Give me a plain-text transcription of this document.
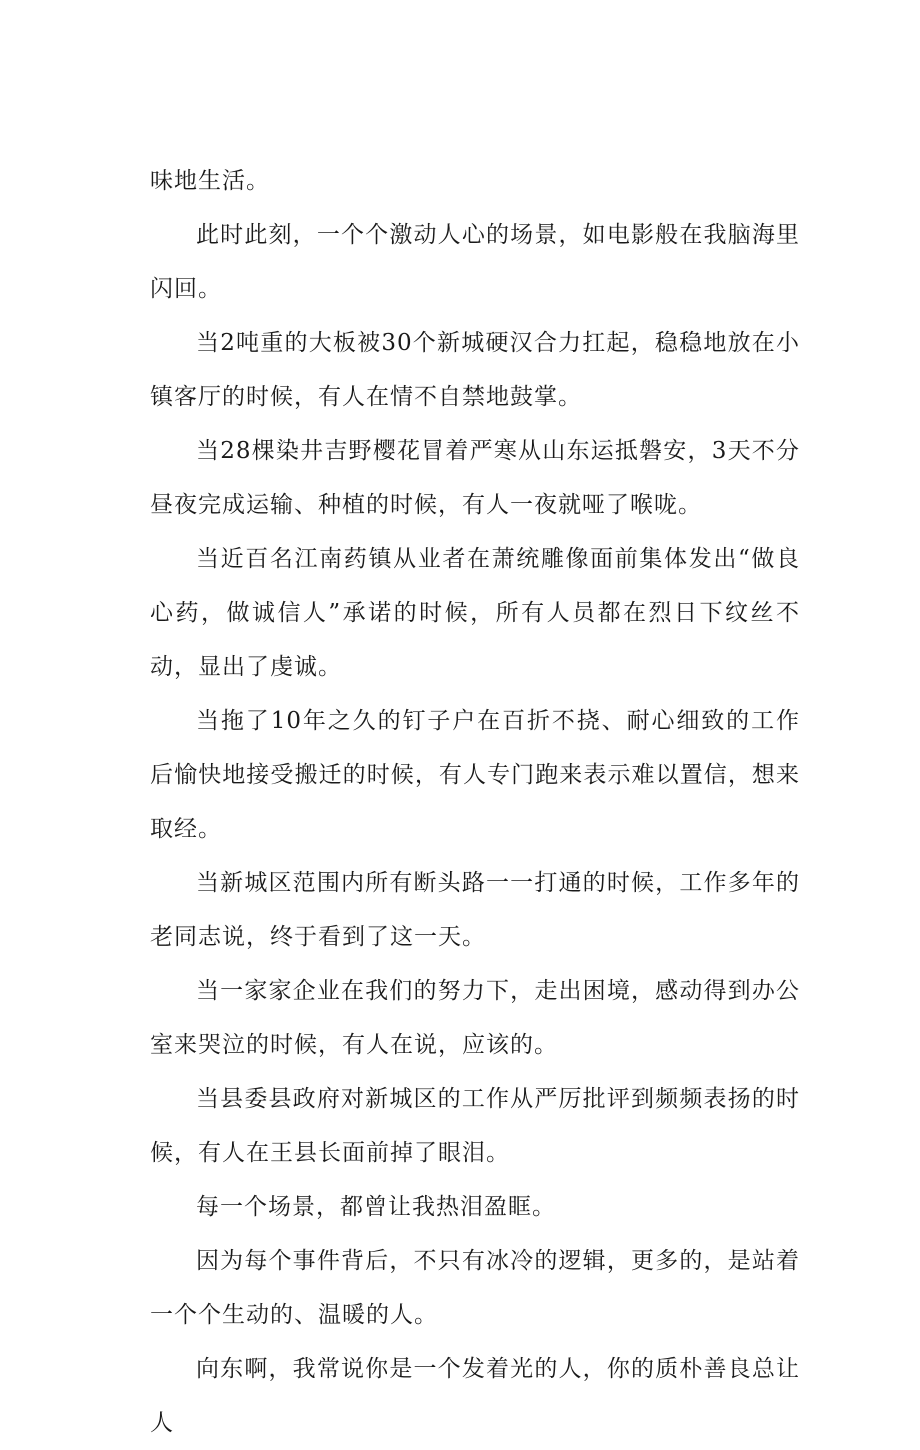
味地生活。

此时此刻，一个个激动人心的场景，如电影般在我脑海里闪回。

当2吨重的大板被30个新城硬汉合力扛起，稳稳地放在小镇客厅的时候，有人在情不自禁地鼓掌。

当28棵染井吉野樱花冒着严寒从山东运抵磐安，3天不分昼夜完成运输、种植的时候，有人一夜就哑了喉咙。

当近百名江南药镇从业者在萧统雕像面前集体发出“做良心药，做诚信人”承诺的时候，所有人员都在烈日下纹丝不动，显出了虔诚。

当拖了10年之久的钉子户在百折不挠、耐心细致的工作后愉快地接受搬迁的时候，有人专门跑来表示难以置信，想来取经。

当新城区范围内所有断头路一一打通的时候，工作多年的老同志说，终于看到了这一天。

当一家家企业在我们的努力下，走出困境，感动得到办公室来哭泣的时候，有人在说，应该的。

当县委县政府对新城区的工作从严厉批评到频频表扬的时候，有人在王县长面前掉了眼泪。

每一个场景，都曾让我热泪盈眶。

因为每个事件背后，不只有冰冷的逻辑，更多的，是站着一个个生动的、温暖的人。

向东啊，我常说你是一个发着光的人，你的质朴善良总让人
